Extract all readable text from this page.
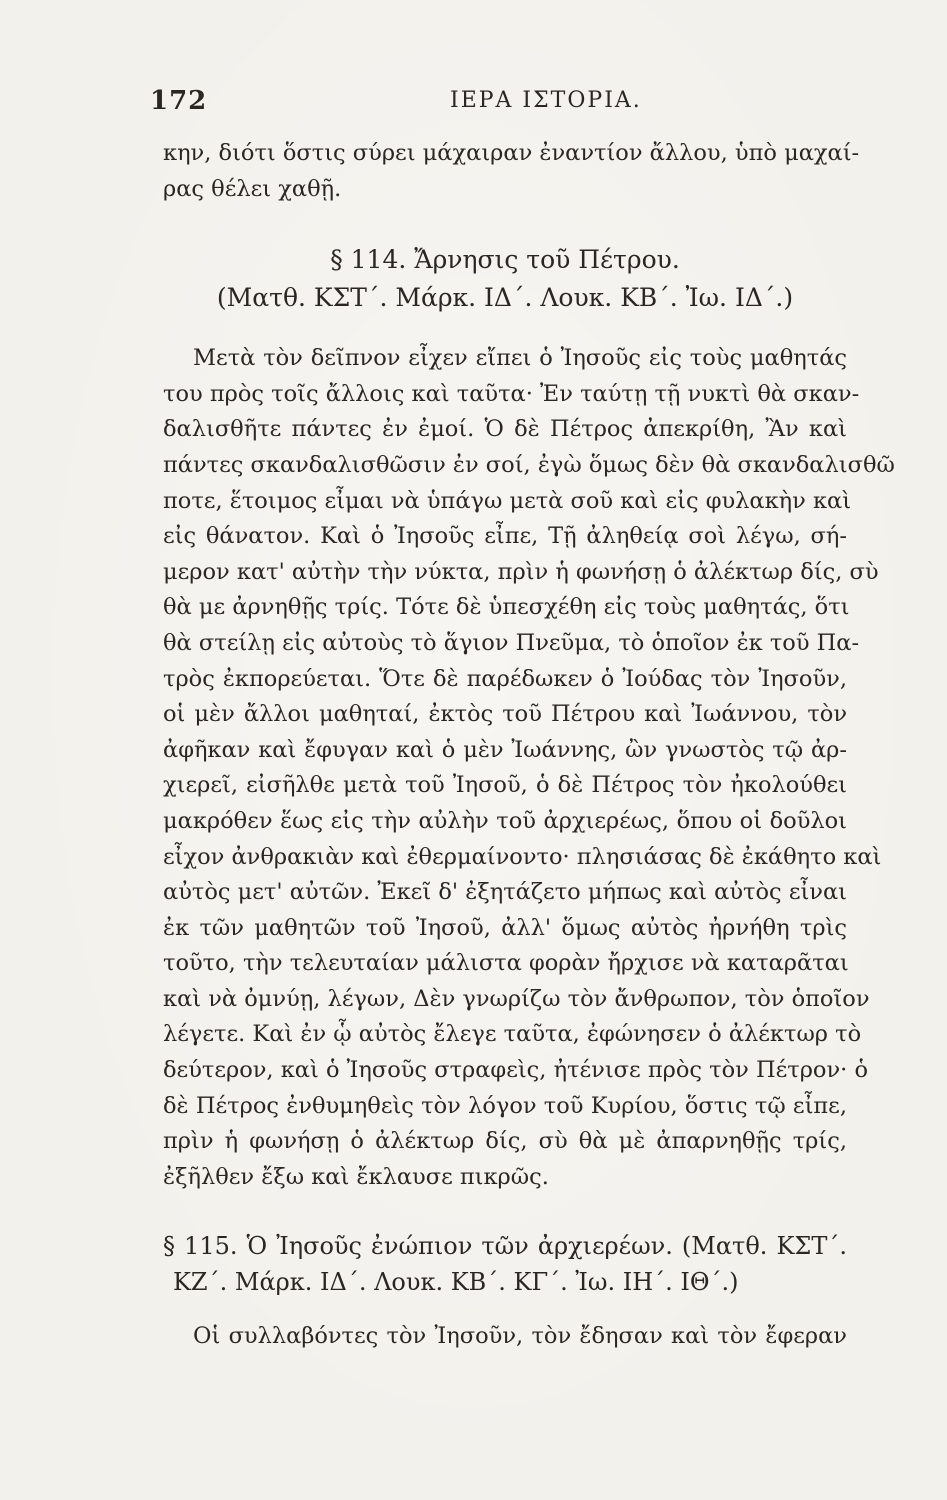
172	ΙΕΡΑ ΙΣΤΟΡΙΑ.
κην, διότι ὅστις σύρει μάχαιραν ἐναντίον ἄλλου, ὑπὸ μαχαί-
ρας θέλει χαθῇ.
§ 114. Ἄρνησις τοῦ Πέτρου.
(Ματθ. ΚΣΤ΄. Μάρκ. ΙΔ΄. Λουκ. ΚΒ΄. Ἰω. ΙΔ΄.)
Μετὰ τὸν δεῖπνον εἶχεν εἴπει ὁ Ἰησοῦς εἰς τοὺς μαθητάς
του πρὸς τοῖς ἄλλοις καὶ ταῦτα· Ἐν ταύτῃ τῇ νυκτὶ θὰ σκαν-
δαλισθῆτε πάντες ἐν ἐμοί. Ὁ δὲ Πέτρος ἀπεκρίθη, Ἂν καὶ
πάντες σκανδαλισθῶσιν ἐν σοί, ἐγὼ ὅμως δὲν θὰ σκανδαλισθῶ
ποτε, ἕτοιμος εἶμαι νὰ ὑπάγω μετὰ σοῦ καὶ εἰς φυλακὴν καὶ
εἰς θάνατον. Καὶ ὁ Ἰησοῦς εἶπε, Τῇ ἀληθείᾳ σοὶ λέγω, σή-
μερον κατ' αὐτὴν τὴν νύκτα, πρὶν ἡ φωνήσῃ ὁ ἀλέκτωρ δίς, σὺ
θὰ με ἀρνηθῇς τρίς. Τότε δὲ ὑπεσχέθη εἰς τοὺς μαθητάς, ὅτι
θὰ στείλῃ εἰς αὐτοὺς τὸ ἅγιον Πνεῦμα, τὸ ὁποῖον ἐκ τοῦ Πα-
τρὸς ἐκπορεύεται. Ὅτε δὲ παρέδωκεν ὁ Ἰούδας τὸν Ἰησοῦν,
οἱ μὲν ἄλλοι μαθηταί, ἐκτὸς τοῦ Πέτρου καὶ Ἰωάννου, τὸν
ἀφῆκαν καὶ ἔφυγαν καὶ ὁ μὲν Ἰωάννης, ὢν γνωστὸς τῷ ἀρ-
χιερεῖ, εἰσῆλθε μετὰ τοῦ Ἰησοῦ, ὁ δὲ Πέτρος τὸν ἠκολούθει
μακρόθεν ἕως εἰς τὴν αὐλὴν τοῦ ἀρχιερέως, ὅπου οἱ δοῦλοι
εἶχον ἀνθρακιὰν καὶ ἐθερμαίνοντο· πλησιάσας δὲ ἐκάθητο καὶ
αὐτὸς μετ' αὐτῶν. Ἐκεῖ δ' ἐξητάζετο μήπως καὶ αὐτὸς εἶναι
ἐκ τῶν μαθητῶν τοῦ Ἰησοῦ, ἀλλ' ὅμως αὐτὸς ἠρνήθη τρὶς
τοῦτο, τὴν τελευταίαν μάλιστα φορὰν ἤρχισε νὰ καταρᾶται
καὶ νὰ ὀμνύῃ, λέγων, Δὲν γνωρίζω τὸν ἄνθρωπον, τὸν ὁποῖον
λέγετε. Καὶ ἐν ᾧ αὐτὸς ἔλεγε ταῦτα, ἐφώνησεν ὁ ἀλέκτωρ τὸ
δεύτερον, καὶ ὁ Ἰησοῦς στραφεὶς, ἠτένισε πρὸς τὸν Πέτρον· ὁ
δὲ Πέτρος ἐνθυμηθεὶς τὸν λόγον τοῦ Κυρίου, ὅστις τῷ εἶπε,
πρὶν ἡ φωνήσῃ ὁ ἀλέκτωρ δίς, σὺ θὰ μὲ ἀπαρνηθῇς τρίς,
ἐξῆλθεν ἔξω καὶ ἔκλαυσε πικρῶς.
§ 115. Ὁ Ἰησοῦς ἐνώπιον τῶν ἀρχιερέων. (Ματθ. ΚΣΤ΄.
ΚΖ΄. Μάρκ. ΙΔ΄. Λουκ. ΚΒ΄. ΚΓ΄. Ἰω. ΙΗ΄. ΙΘ΄.)
Οἱ συλλαβόντες τὸν Ἰησοῦν, τὸν ἔδησαν καὶ τὸν ἔφεραν
